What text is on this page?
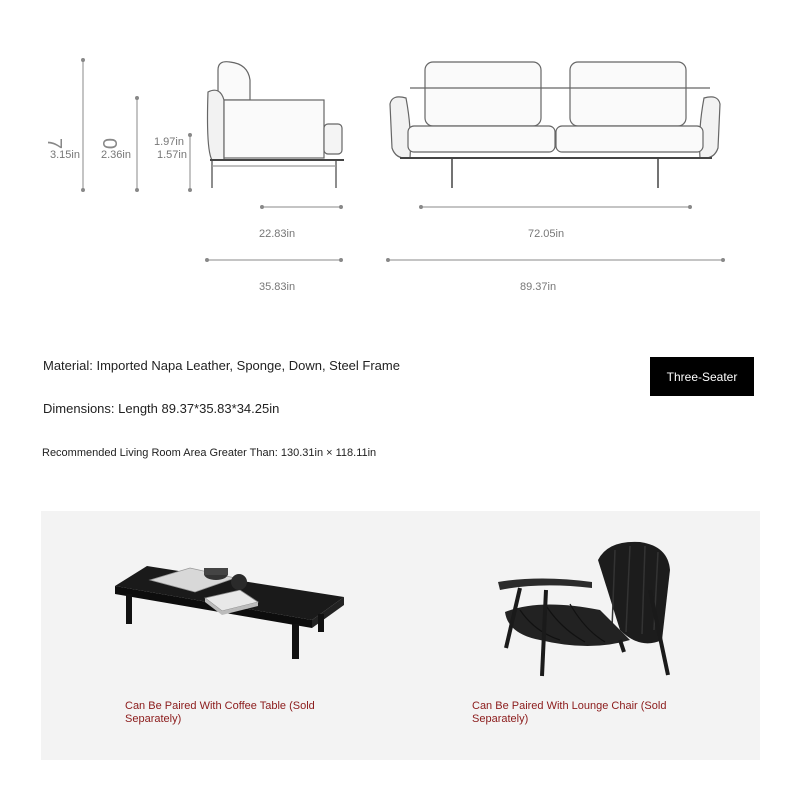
7 0
3.15in 2.36in
1.97in
1.57in
22.83in
35.83in
72.05in
89.37in
Material: Imported Napa Leather, Sponge, Down, Steel Frame
Dimensions: Length 89.37*35.83*34.25in
Recommended Living Room Area Greater Than: 130.31in × 118.11in
Three-Seater
Can Be Paired With Coffee Table (Sold Separately)
Can Be Paired With Lounge Chair (Sold Separately)
